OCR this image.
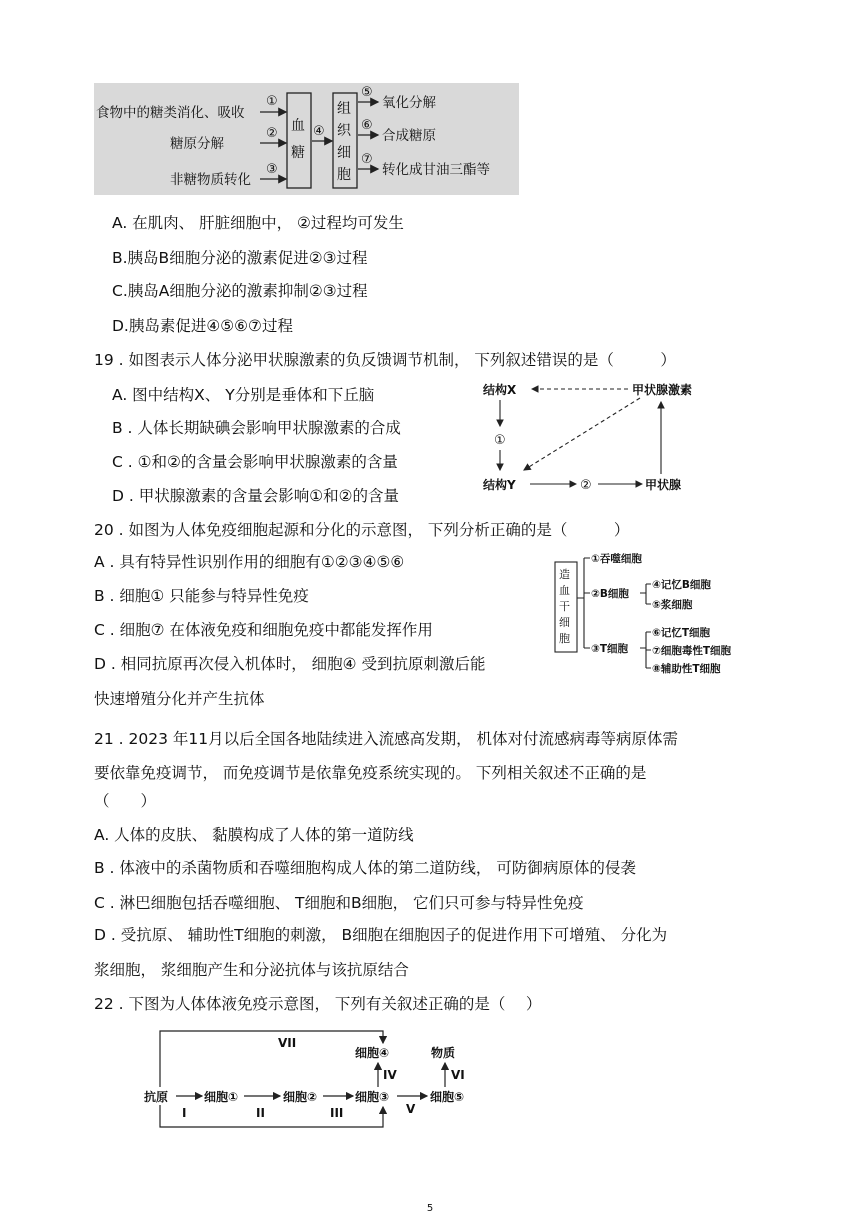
食物中的糖类消化、吸收
糖原分解
非糖物质转化
①
②
③
血
糖
④
组
织
细
胞
⑤
⑥
⑦
氧化分解
合成糖原
转化成甘油三酯等
A. 在肌肉、 肝脏细胞中， ②过程均可发生
B.胰岛B细胞分泌的激素促进②③过程
C.胰岛A细胞分泌的激素抑制②③过程
D.胰岛素促进④⑤⑥⑦过程
19 . 如图表示人体分泌甲状腺激素的负反馈调节机制， 下列叙述错误的是（　　　）
A. 图中结构X、 Y分别是垂体和下丘脑
B . 人体长期缺碘会影响甲状腺激素的合成
C . ①和②的含量会影响甲状腺激素的含量
D . 甲状腺激素的含量会影响①和②的含量
结构X	甲状腺激素
①
结构Y	②	甲状腺
20 . 如图为人体免疫细胞起源和分化的示意图， 下列分析正确的是（　　　）
A . 具有特异性识别作用的细胞有①②③④⑤⑥
B . 细胞① 只能参与特异性免疫
C . 细胞⑦ 在体液免疫和细胞免疫中都能发挥作用
D . 相同抗原再次侵入机体时， 细胞④ 受到抗原刺激后能
快速增殖分化并产生抗体
造
血
干
细
胞
①吞噬细胞
②B细胞
③T细胞
④记忆B细胞
⑤浆细胞
⑥记忆T细胞
⑦细胞毒性T细胞
⑧辅助性T细胞
21 . 2023 年11月以后全国各地陆续进入流感高发期， 机体对付流感病毒等病原体需
要依靠免疫调节， 而免疫调节是依靠免疫系统实现的。 下列相关叙述不正确的是
（　　）
A. 人体的皮肤、 黏膜构成了人体的第一道防线
B . 体液中的杀菌物质和吞噬细胞构成人体的第二道防线， 可防御病原体的侵袭
C . 淋巴细胞包括吞噬细胞、 T细胞和B细胞， 它们只可参与特异性免疫
D . 受抗原、 辅助性T细胞的刺激， B细胞在细胞因子的促进作用下可增殖、 分化为
浆细胞， 浆细胞产生和分泌抗体与该抗原结合
22 . 下图为人体体液免疫示意图， 下列有关叙述正确的是（　 ）
VII
抗原
I
细胞①
II
细胞②
III
细胞③
IV
细胞④
V
细胞⑤
VI
物质
5
